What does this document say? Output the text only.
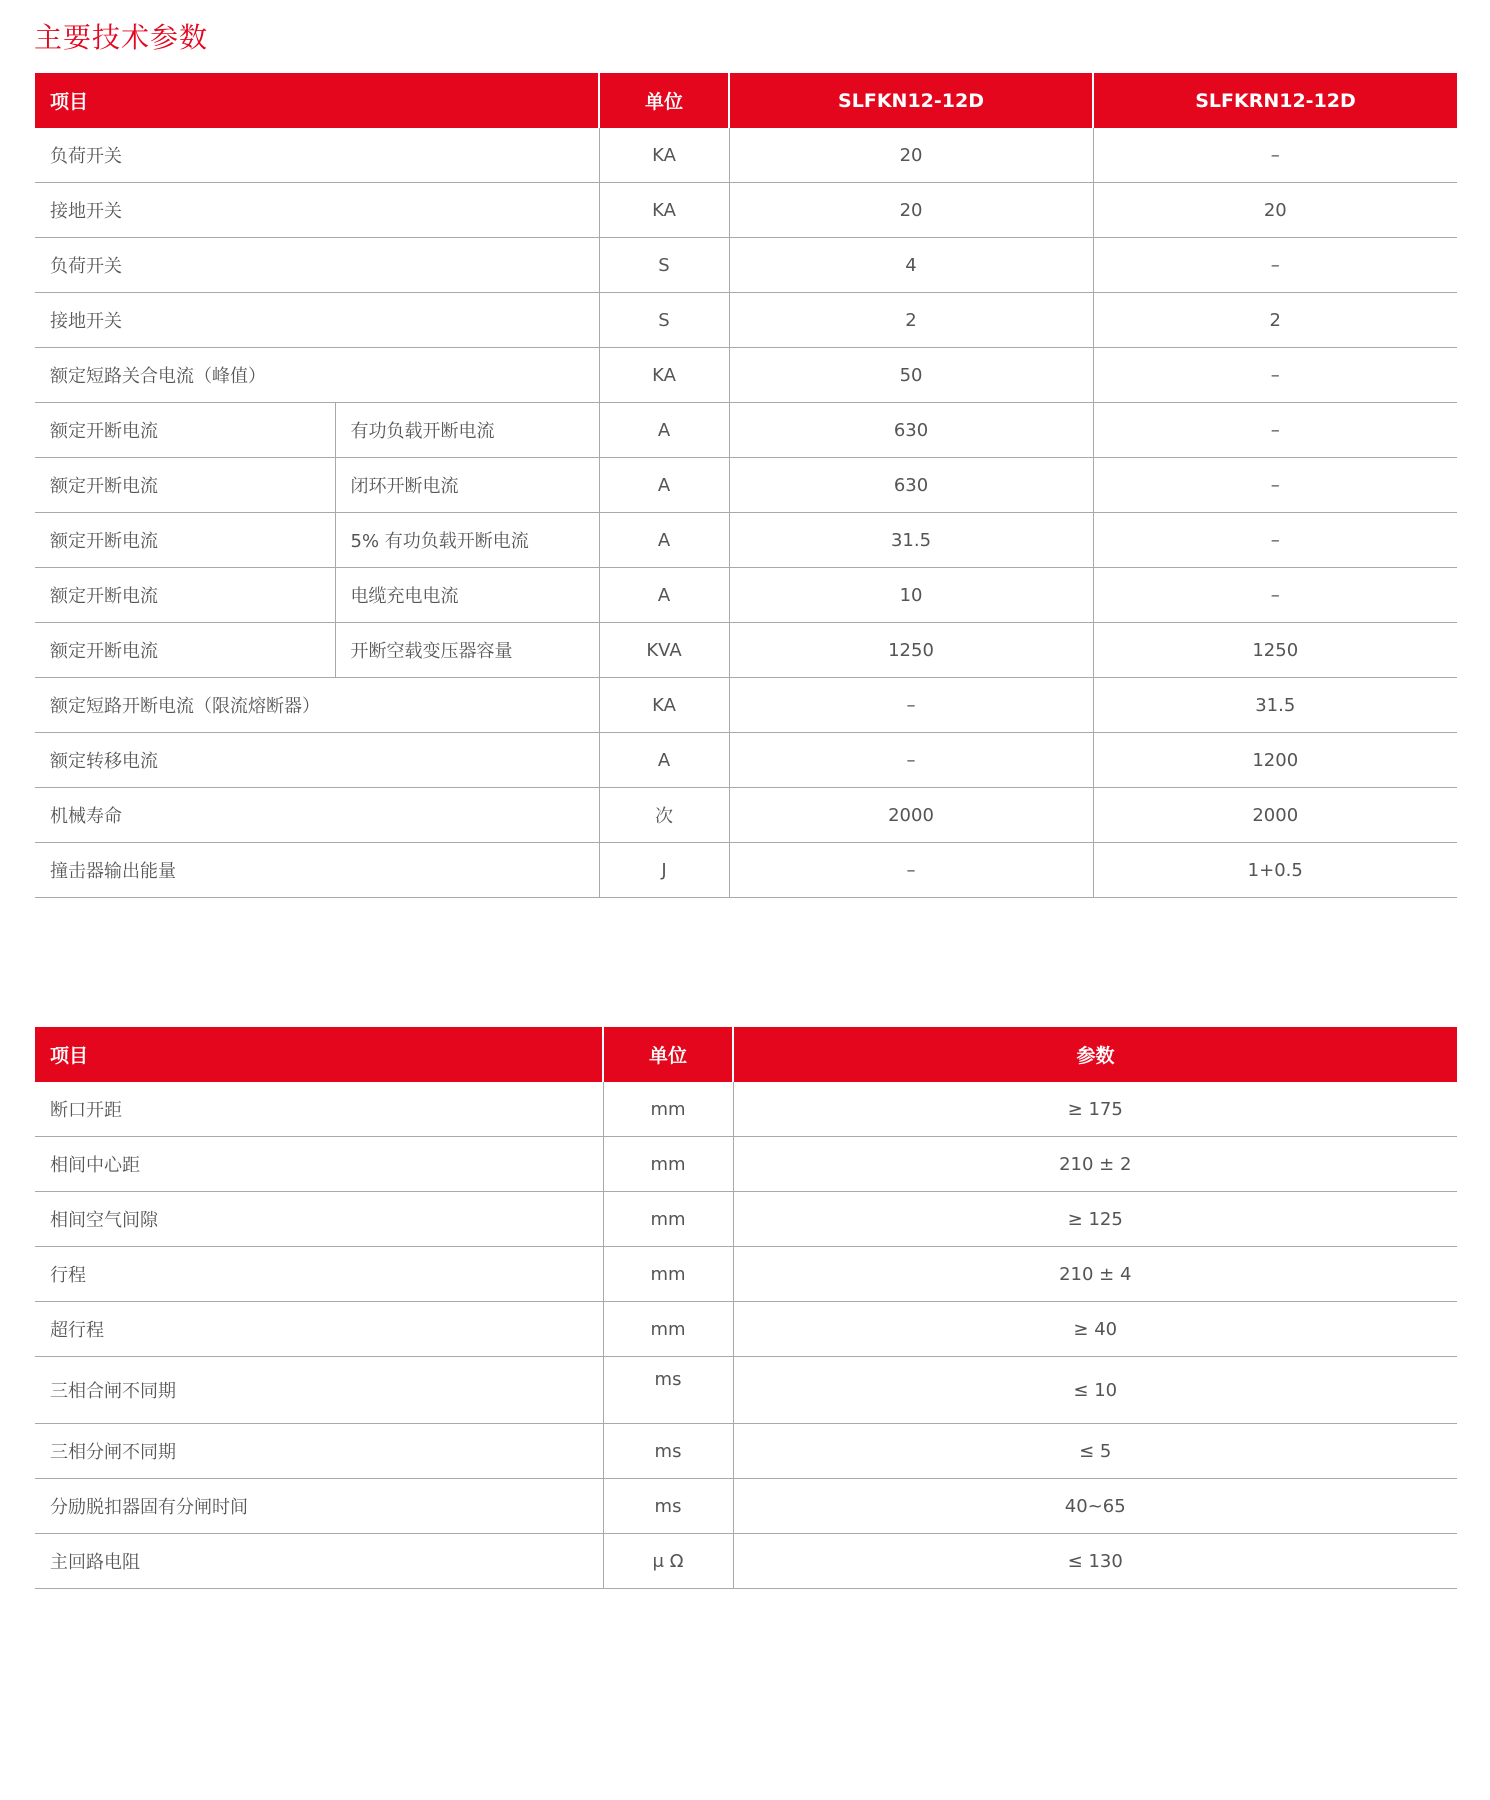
主要技术参数
项目		单位	SLFKN12-12D	SLFKRN12-12D
负荷开关		KA	20	–
接地开关		KA	20	20
负荷开关		S	4	–
接地开关		S	2	2
额定短路关合电流（峰值）		KA	50	–
额定开断电流	有功负载开断电流	A	630	–
额定开断电流	闭环开断电流	A	630	–
额定开断电流	5% 有功负载开断电流	A	31.5	–
额定开断电流	电缆充电电流	A	10	–
额定开断电流	开断空载变压器容量	KVA	1250	1250
额定短路开断电流（限流熔断器）		KA	–	31.5
额定转移电流		A	–	1200
机械寿命		次	2000	2000
撞击器输出能量		J	–	1+0.5
项目	单位	参数
断口开距	mm	≥ 175
相间中心距	mm	210 ± 2
相间空气间隙	mm	≥ 125
行程	mm	210 ± 4
超行程	mm	≥ 40
三相合闸不同期	ms	≤ 10
三相分闸不同期	ms	≤ 5
分励脱扣器固有分闸时间	ms	40~65
主回路电阻	μ Ω	≤ 130
